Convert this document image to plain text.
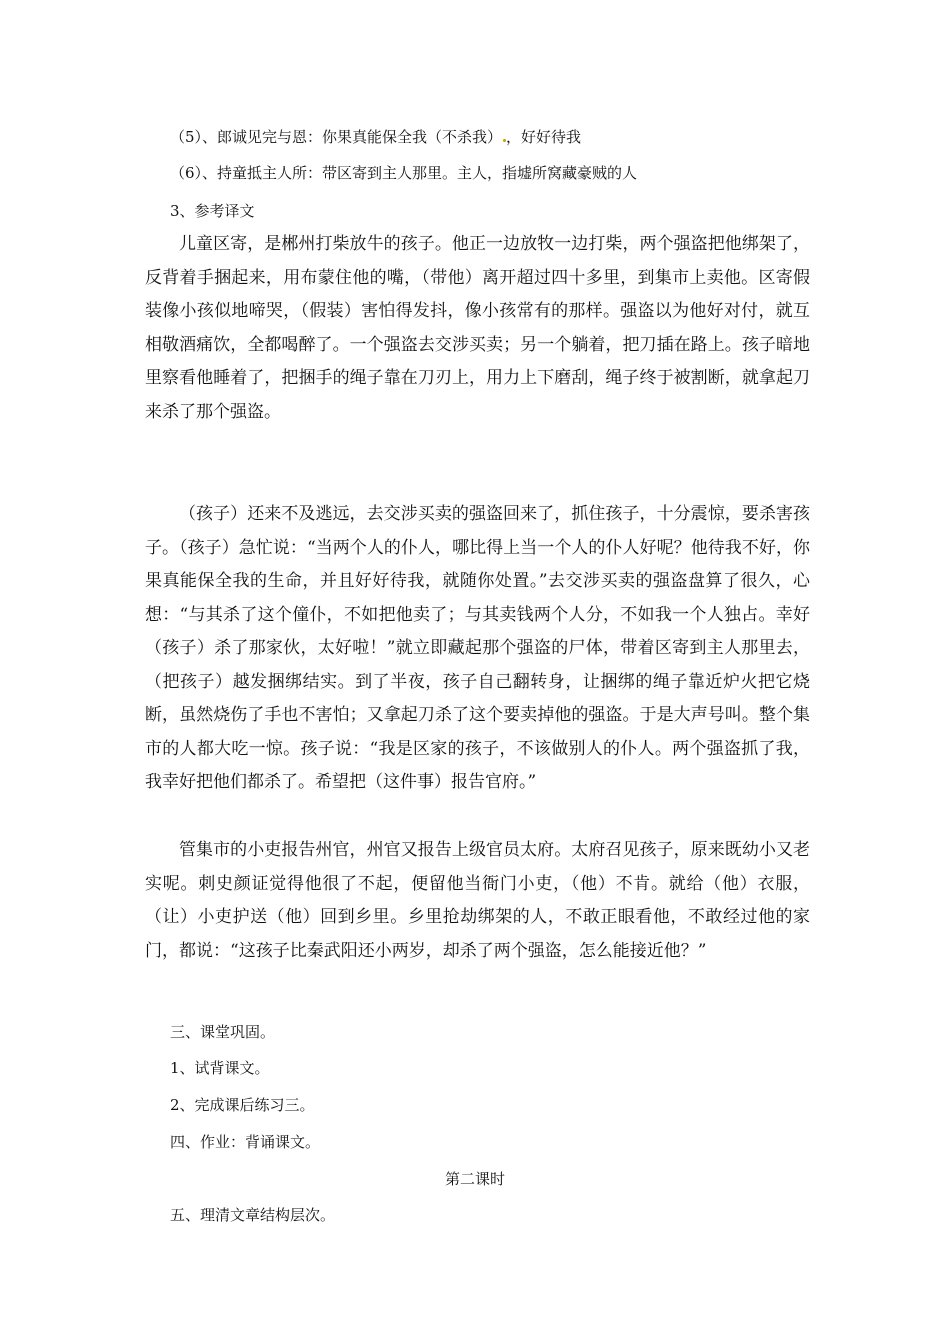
（5）、郎诚见完与恩：你果真能保全我（不杀我） ，好好待我
（6）、持童抵主人所：带区寄到主人那里。主人，指墟所窝藏豪贼的人
3、参考译文

儿童区寄，是郴州打柴放牛的孩子。他正一边放牧一边打柴，两个强盗把他绑架了，反背着手捆起来，用布蒙住他的嘴，（带他）离开超过四十多里，到集市上卖他。区寄假装像小孩似地啼哭，（假装）害怕得发抖，像小孩常有的那样。强盗以为他好对付，就互相敬酒痛饮，全都喝醉了。一个强盗去交涉买卖；另一个躺着，把刀插在路上。孩子暗地里察看他睡着了，把捆手的绳子靠在刀刃上，用力上下磨刮，绳子终于被割断，就拿起刀来杀了那个强盗。

（孩子）还来不及逃远，去交涉买卖的强盗回来了，抓住孩子，十分震惊，要杀害孩子。（孩子）急忙说：“当两个人的仆人，哪比得上当一个人的仆人好呢？他待我不好，你果真能保全我的生命，并且好好待我，就随你处置。”去交涉买卖的强盗盘算了很久，心想：“与其杀了这个僮仆，不如把他卖了；与其卖钱两个人分，不如我一个人独占。幸好（孩子）杀了那家伙，太好啦！”就立即藏起那个强盗的尸体，带着区寄到主人那里去，（把孩子）越发捆绑结实。到了半夜，孩子自己翻转身，让捆绑的绳子靠近炉火把它烧断，虽然烧伤了手也不害怕；又拿起刀杀了这个要卖掉他的强盗。于是大声号叫。整个集市的人都大吃一惊。孩子说：“我是区家的孩子，不该做别人的仆人。两个强盗抓了我，我幸好把他们都杀了。希望把（这件事）报告官府。”

管集市的小吏报告州官，州官又报告上级官员太府。太府召见孩子，原来既幼小又老实呢。刺史颜证觉得他很了不起，便留他当衙门小吏，（他）不肯。就给（他）衣服，（让）小吏护送（他）回到乡里。乡里抢劫绑架的人，不敢正眼看他，不敢经过他的家门，都说：“这孩子比秦武阳还小两岁，却杀了两个强盗，怎么能接近他？”

三、课堂巩固。
1、试背课文。
2、完成课后练习三。
四、作业：背诵课文。
第二课时
五、理清文章结构层次。
